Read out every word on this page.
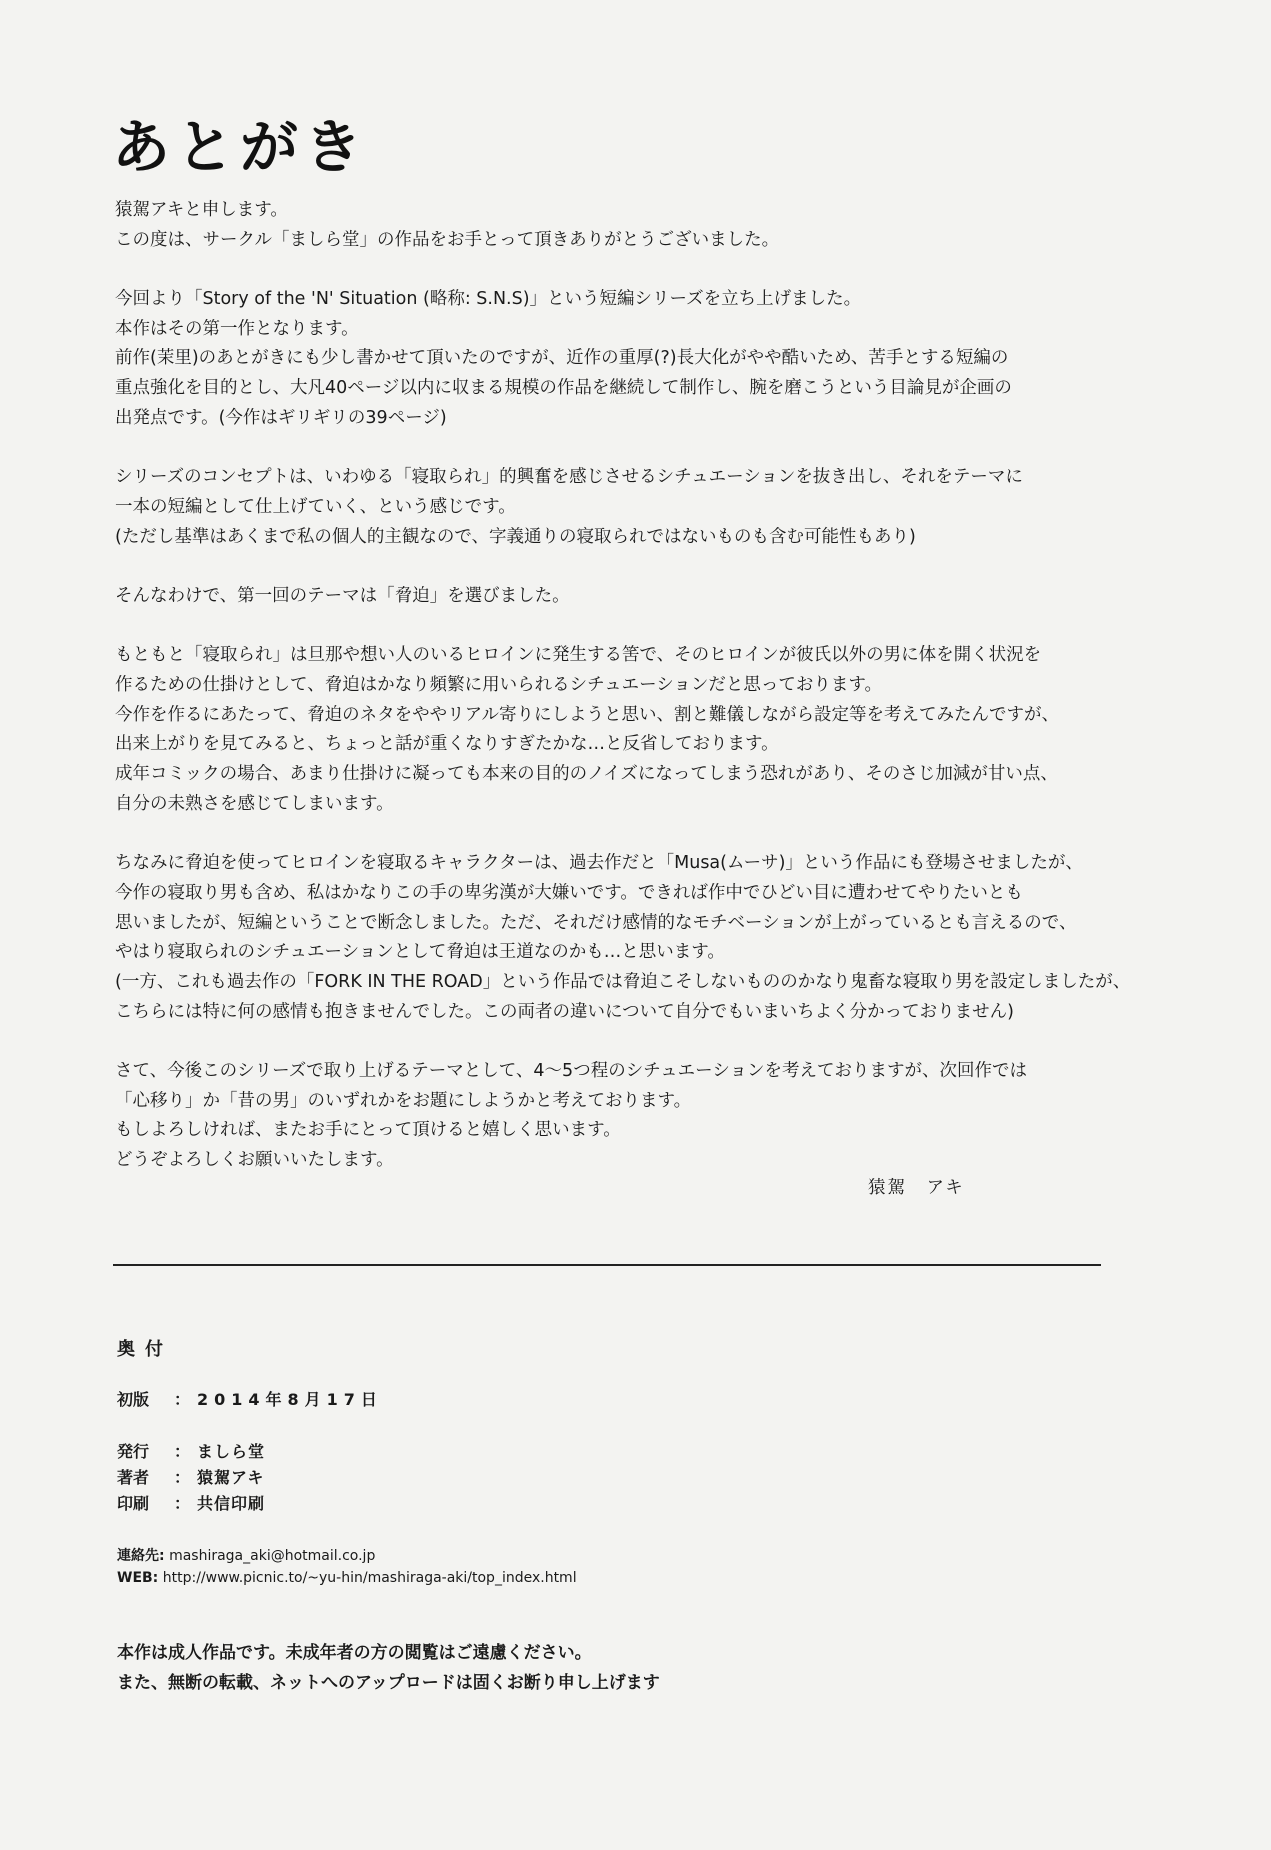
あとがき
猿駕アキと申します。
この度は、サークル「ましら堂」の作品をお手とって頂きありがとうございました。
今回より「Story of the 'N' Situation (略称: S.N.S)」という短編シリーズを立ち上げました。
本作はその第一作となります。
前作(茉里)のあとがきにも少し書かせて頂いたのですが、近作の重厚(?)長大化がやや酷いため、苦手とする短編の
重点強化を目的とし、大凡40ページ以内に収まる規模の作品を継続して制作し、腕を磨こうという目論見が企画の
出発点です。(今作はギリギリの39ページ)
シリーズのコンセプトは、いわゆる「寝取られ」的興奮を感じさせるシチュエーションを抜き出し、それをテーマに
一本の短編として仕上げていく、という感じです。
(ただし基準はあくまで私の個人的主観なので、字義通りの寝取られではないものも含む可能性もあり)
そんなわけで、第一回のテーマは「脅迫」を選びました。
もともと「寝取られ」は旦那や想い人のいるヒロインに発生する筈で、そのヒロインが彼氏以外の男に体を開く状況を
作るための仕掛けとして、脅迫はかなり頻繁に用いられるシチュエーションだと思っております。
今作を作るにあたって、脅迫のネタをややリアル寄りにしようと思い、割と難儀しながら設定等を考えてみたんですが、
出来上がりを見てみると、ちょっと話が重くなりすぎたかな…と反省しております。
成年コミックの場合、あまり仕掛けに凝っても本来の目的のノイズになってしまう恐れがあり、そのさじ加減が甘い点、
自分の未熟さを感じてしまいます。
ちなみに脅迫を使ってヒロインを寝取るキャラクターは、過去作だと「Musa(ムーサ)」という作品にも登場させましたが、
今作の寝取り男も含め、私はかなりこの手の卑劣漢が大嫌いです。できれば作中でひどい目に遭わせてやりたいとも
思いましたが、短編ということで断念しました。ただ、それだけ感情的なモチベーションが上がっているとも言えるので、
やはり寝取られのシチュエーションとして脅迫は王道なのかも…と思います。
(一方、これも過去作の「FORK IN THE ROAD」という作品では脅迫こそしないもののかなり鬼畜な寝取り男を設定しましたが、
こちらには特に何の感情も抱きませんでした。この両者の違いについて自分でもいまいちよく分かっておりません)
さて、今後このシリーズで取り上げるテーマとして、4～5つ程のシチュエーションを考えておりますが、次回作では
「心移り」か「昔の男」のいずれかをお題にしようかと考えております。
もしよろしければ、またお手にとって頂けると嬉しく思います。
どうぞよろしくお願いいたします。
猿駕　アキ
奥付
初版 ： 2014年8月17日
発行 ： ましら堂
著者 ： 猿駕アキ
印刷 ： 共信印刷
連絡先: mashiraga_aki@hotmail.co.jp
WEB: http://www.picnic.to/~yu-hin/mashiraga-aki/top_index.html
本作は成人作品です。未成年者の方の閲覧はご遠慮ください。
また、無断の転載、ネットへのアップロードは固くお断り申し上げます
